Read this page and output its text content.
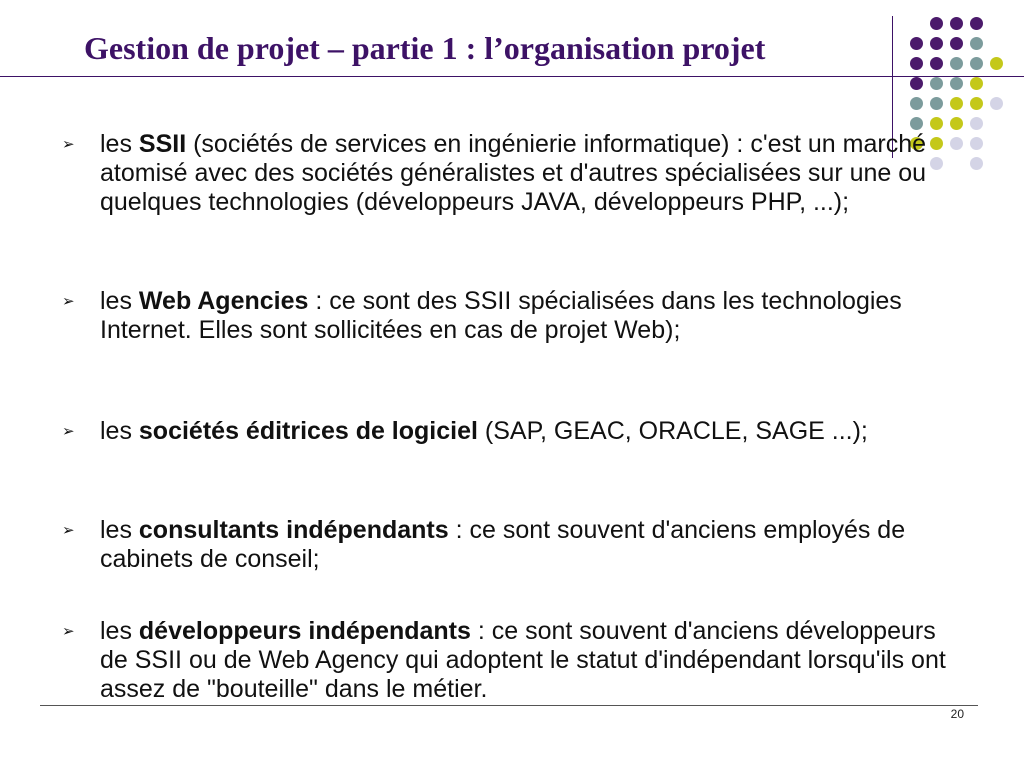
Gestion de projet – partie 1 : l’organisation projet
➢ les SSII (sociétés de services en ingénierie informatique) : c'est un marché atomisé avec des sociétés généralistes et d'autres spécialisées sur une ou quelques technologies (développeurs JAVA, développeurs PHP, ...);
➢ les Web Agencies : ce sont des SSII spécialisées dans les technologies Internet. Elles sont sollicitées en cas de projet Web);
➢ les sociétés éditrices de logiciel (SAP, GEAC, ORACLE, SAGE ...);
➢ les consultants indépendants : ce sont souvent d'anciens employés de cabinets de conseil;
➢ les développeurs indépendants : ce sont souvent d'anciens développeurs de SSII ou de Web Agency qui adoptent le statut d'indépendant lorsqu'ils ont assez de "bouteille" dans le métier.
20
